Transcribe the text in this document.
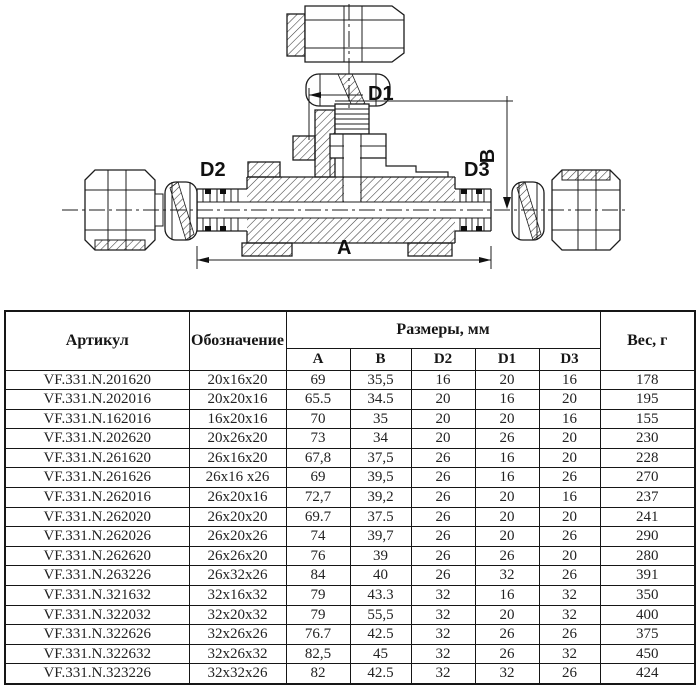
D1
D2	D3
A
B
Артикул	Обозначение	Размеры, мм					Вес, г
		A	B	D2	D1	D3	
VF.331.N.201620	20x16x20	69	35,5	16	20	16	178
VF.331.N.202016	20x20x16	65.5	34.5	20	16	20	195
VF.331.N.162016	16x20x16	70	35	20	20	16	155
VF.331.N.202620	20x26x20	73	34	20	26	20	230
VF.331.N.261620	26x16x20	67,8	37,5	26	16	20	228
VF.331.N.261626	26x16 x26	69	39,5	26	16	26	270
VF.331.N.262016	26x20x16	72,7	39,2	26	20	16	237
VF.331.N.262020	26x20x20	69.7	37.5	26	20	20	241
VF.331.N.262026	26x20x26	74	39,7	26	20	26	290
VF.331.N.262620	26x26x20	76	39	26	26	20	280
VF.331.N.263226	26x32x26	84	40	26	32	26	391
VF.331.N.321632	32x16x32	79	43.3	32	16	32	350
VF.331.N.322032	32x20x32	79	55,5	32	20	32	400
VF.331.N.322626	32x26x26	76.7	42.5	32	26	26	375
VF.331.N.322632	32x26x32	82,5	45	32	26	32	450
VF.331.N.323226	32x32x26	82	42.5	32	32	26	424
